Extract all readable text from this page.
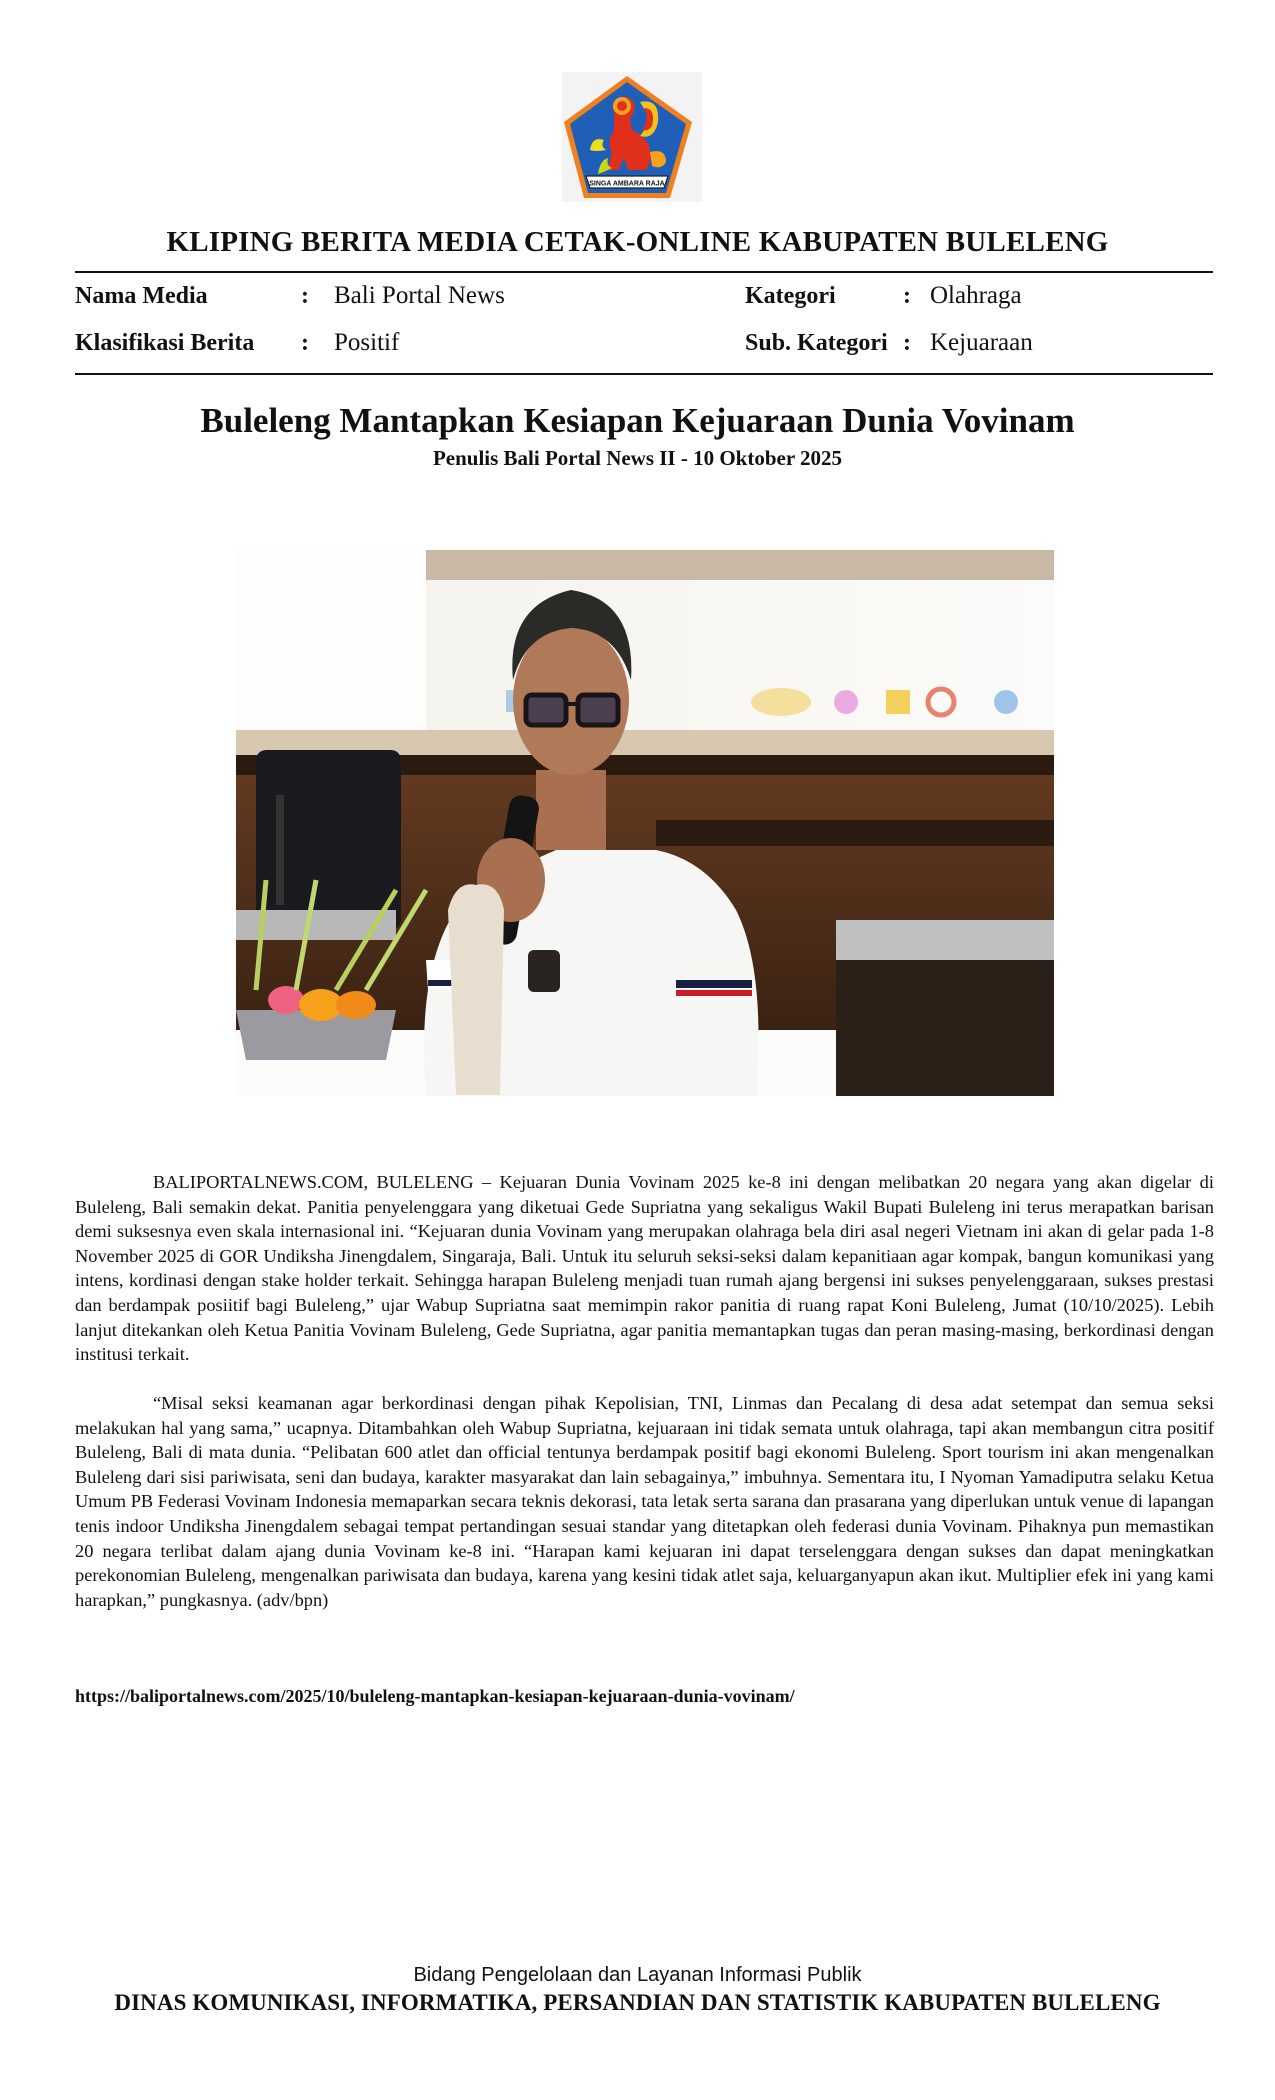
SINGA AMBARA RAJA
KLIPING BERITA MEDIA CETAK-ONLINE KABUPATEN BULELENG
Nama Media	: Bali Portal News
Klasifikasi Berita : Positif
Kategori	: Olahraga
Sub. Kategori : Kejuaraan
Buleleng Mantapkan Kesiapan Kejuaraan Dunia Vovinam
Penulis Bali Portal News II - 10 Oktober 2025
BALIPORTALNEWS.COM, BULELENG – Kejuaran Dunia Vovinam 2025 ke-8 ini dengan melibatkan 20 negara yang akan digelar di Buleleng, Bali semakin dekat. Panitia penyelenggara yang diketuai Gede Supriatna yang sekaligus Wakil Bupati Buleleng ini terus merapatkan barisan demi suksesnya even skala internasional ini. “Kejuaran dunia Vovinam yang merupakan olahraga bela diri asal negeri Vietnam ini akan di gelar pada 1-8 November 2025 di GOR Undiksha Jinengdalem, Singaraja, Bali. Untuk itu seluruh seksi-seksi dalam kepanitiaan agar kompak, bangun komunikasi yang intens, kordinasi dengan stake holder terkait. Sehingga harapan Buleleng menjadi tuan rumah ajang bergensi ini sukses penyelenggaraan, sukses prestasi dan berdampak posiitif bagi Buleleng,” ujar Wabup Supriatna saat memimpin rakor panitia di ruang rapat Koni Buleleng, Jumat (10/10/2025). Lebih lanjut ditekankan oleh Ketua Panitia Vovinam Buleleng, Gede Supriatna, agar panitia memantapkan tugas dan peran masing-masing, berkordinasi dengan institusi terkait.
“Misal seksi keamanan agar berkordinasi dengan pihak Kepolisian, TNI, Linmas dan Pecalang di desa adat setempat dan semua seksi melakukan hal yang sama,” ucapnya. Ditambahkan oleh Wabup Supriatna, kejuaraan ini tidak semata untuk olahraga, tapi akan membangun citra positif Buleleng, Bali di mata dunia. “Pelibatan 600 atlet dan official tentunya berdampak positif bagi ekonomi Buleleng. Sport tourism ini akan mengenalkan Buleleng dari sisi pariwisata, seni dan budaya, karakter masyarakat dan lain sebagainya,” imbuhnya. Sementara itu, I Nyoman Yamadiputra selaku Ketua Umum PB Federasi Vovinam Indonesia memaparkan secara teknis dekorasi, tata letak serta sarana dan prasarana yang diperlukan untuk venue di lapangan tenis indoor Undiksha Jinengdalem sebagai tempat pertandingan sesuai standar yang ditetapkan oleh federasi dunia Vovinam. Pihaknya pun memastikan 20 negara terlibat dalam ajang dunia Vovinam ke-8 ini. “Harapan kami kejuaran ini dapat terselenggara dengan sukses dan dapat meningkatkan perekonomian Buleleng, mengenalkan pariwisata dan budaya, karena yang kesini tidak atlet saja, keluarganyapun akan ikut. Multiplier efek ini yang kami harapkan,” pungkasnya. (adv/bpn)
https://baliportalnews.com/2025/10/buleleng-mantapkan-kesiapan-kejuaraan-dunia-vovinam/
Bidang Pengelolaan dan Layanan Informasi Publik
DINAS KOMUNIKASI, INFORMATIKA, PERSANDIAN DAN STATISTIK KABUPATEN BULELENG
